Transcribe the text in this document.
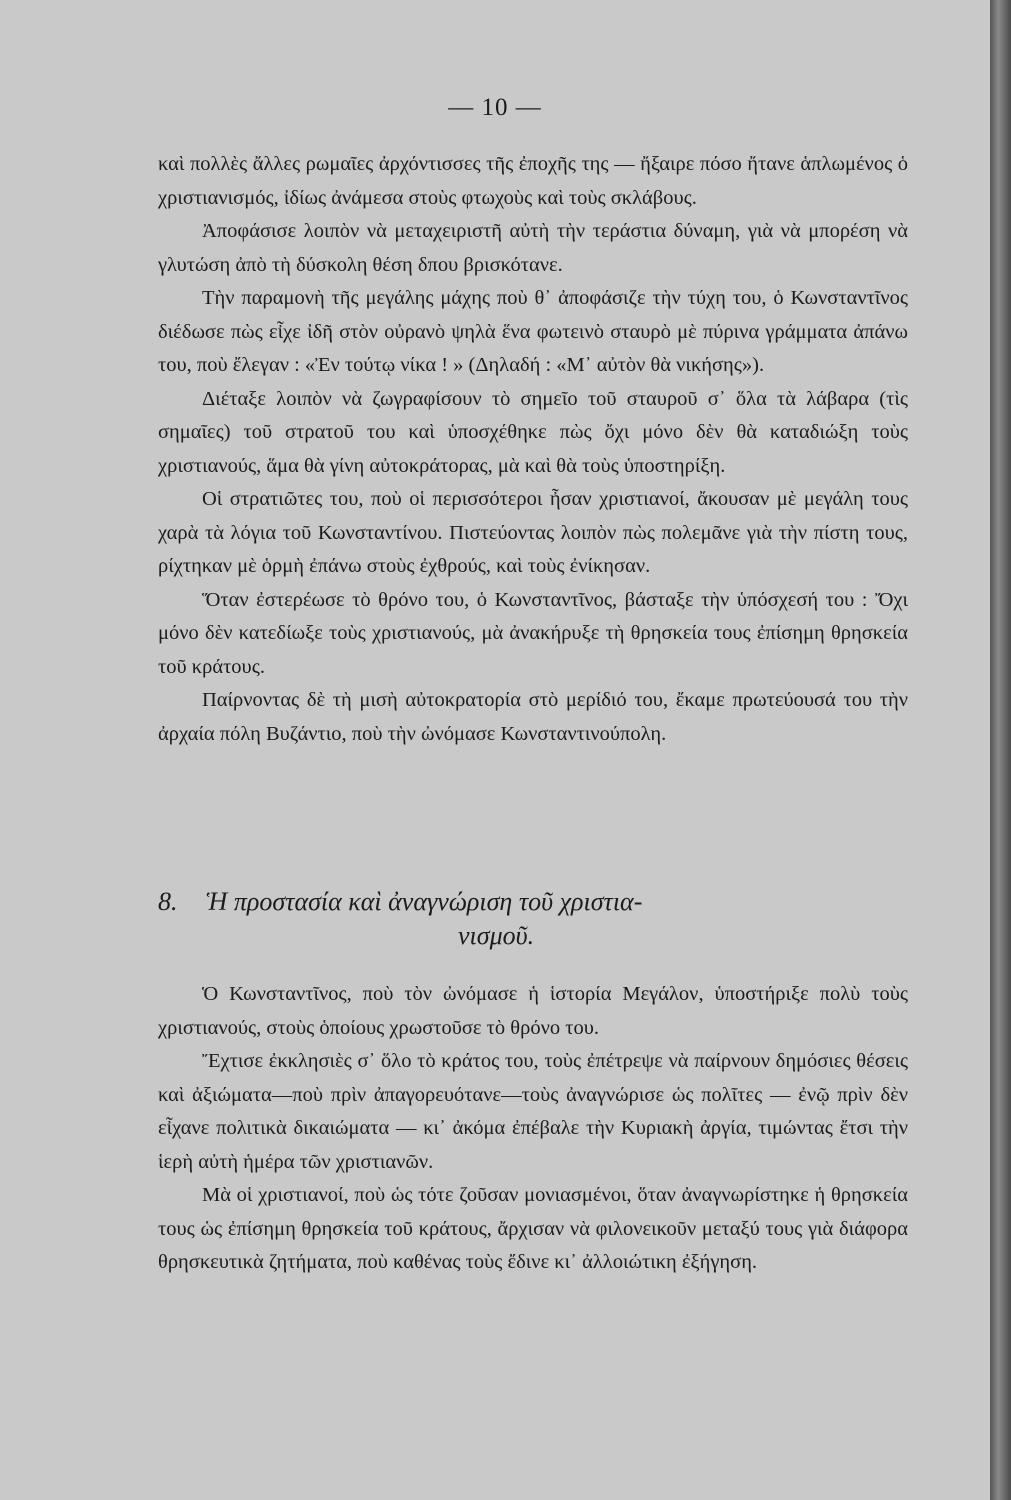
— 10 —

καὶ πολλὲς ἄλλες ρωμαῖες ἀρχόντισσες τῆς ἐποχῆς της — ἤξαιρε πόσο ἤτανε ἁπλωμένος ὁ χριστιανισμός, ἰδίως ἀνάμεσα στοὺς φτωχοὺς καὶ τοὺς σκλάβους.

Ἀποφάσισε λοιπὸν νὰ μεταχειριστῆ αὐτὴ τὴν τεράστια δύναμη, γιὰ νὰ μπορέση νὰ γλυτώση ἀπὸ τὴ δύσκολη θέση δπου βρισκότανε.

Τὴν παραμονὴ τῆς μεγάλης μάχης ποὺ θ᾽ ἀποφάσιζε τὴν τύχη του, ὁ Κωνσταντῖνος διέδωσε πὼς εἶχε ἰδῆ στὸν οὐρανὸ ψηλὰ ἕνα φωτεινὸ σταυρὸ μὲ πύρινα γράμματα ἀπάνω του, ποὺ ἔλεγαν : «Ἐν τούτῳ νίκα ! » (Δηλαδή : «Μ᾽ αὐτὸν θὰ νικήσης»).

Διέταξε λοιπὸν νὰ ζωγραφίσουν τὸ σημεῖο τοῦ σταυροῦ σ᾽ ὅλα τὰ λάβαρα (τὶς σημαῖες) τοῦ στρατοῦ του καὶ ὑποσχέθηκε πὼς ὄχι μόνο δὲν θὰ καταδιώξη τοὺς χριστιανούς, ἅμα θὰ γίνη αὐτοκράτορας, μὰ καὶ θὰ τοὺς ὑποστηρίξη.

Οἱ στρατιῶτες του, ποὺ οἱ περισσότεροι ἦσαν χριστιανοί, ἄκουσαν μὲ μεγάλη τους χαρὰ τὰ λόγια τοῦ Κωνσταντίνου. Πιστεύοντας λοιπὸν πὼς πολεμᾶνε γιὰ τὴν πίστη τους, ρίχτηκαν μὲ ὁρμὴ ἐπάνω στοὺς ἐχθρούς, καὶ τοὺς ἐνίκησαν.

Ὅταν ἐστερέωσε τὸ θρόνο του, ὁ Κωνσταντῖνος, βάσταξε τὴν ὑπόσχεσή του : Ὄχι μόνο δὲν κατεδίωξε τοὺς χριστιανούς, μὰ ἀνακήρυξε τὴ θρησκεία τους ἐπίσημη θρησκεία τοῦ κράτους.

Παίρνοντας δὲ τὴ μισὴ αὐτοκρατορία στὸ μερίδιό του, ἔκαμε πρωτεύουσά του τὴν ἀρχαία πόλη Βυζάντιο, ποὺ τὴν ὠνόμασε Κωνσταντινούπολη.

8. Ἡ προστασία καὶ ἀναγνώριση τοῦ χριστια-
νισμοῦ.

Ὁ Κωνσταντῖνος, ποὺ τὸν ὠνόμασε ἡ ἱστορία Μεγάλον, ὑποστήριξε πολὺ τοὺς χριστιανούς, στοὺς ὁποίους χρωστοῦσε τὸ θρόνο του.

Ἔχτισε ἐκκλησιὲς σ᾽ ὅλο τὸ κράτος του, τοὺς ἐπέτρεψε νὰ παίρνουν δημόσιες θέσεις καὶ ἀξιώματα—ποὺ πρὶν ἀπαγορευότανε—τοὺς ἀναγνώρισε ὡς πολῖτες — ἐνῷ πρὶν δὲν εἶχανε πολιτικὰ δικαιώματα — κι᾽ ἀκόμα ἐπέβαλε τὴν Κυριακὴ ἀργία, τιμώντας ἔτσι τὴν ἱερὴ αὐτὴ ἡμέρα τῶν χριστιανῶν.

Μὰ οἱ χριστιανοί, ποὺ ὡς τότε ζοῦσαν μονιασμένοι, ὅταν ἀναγνωρίστηκε ἡ θρησκεία τους ὡς ἐπίσημη θρησκεία τοῦ κράτους, ἄρχισαν νὰ φιλονεικοῦν μεταξύ τους γιὰ διάφορα θρησκευτικὰ ζητήματα, ποὺ καθένας τοὺς ἔδινε κι᾽ ἀλλοιώτικη ἐξήγηση.
